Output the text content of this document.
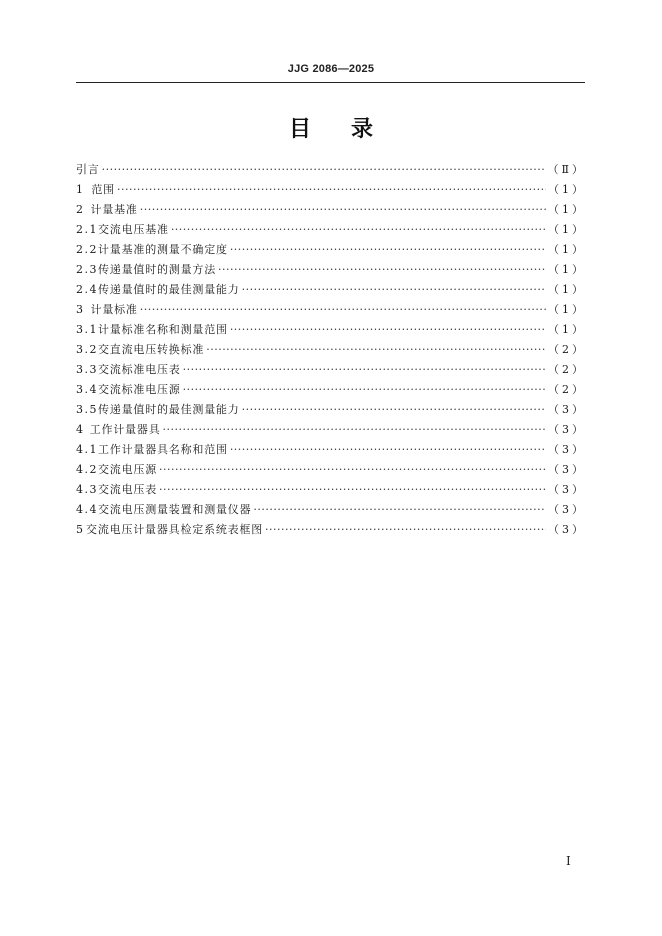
JJG 2086—2025
目录
引言 ·····	（Ⅱ）
1 范围 ·····	（1）
2 计量基准 ·····	（1）
2.1 交流电压基准 ·····	（1）
2.2 计量基准的测量不确定度 ·····	（1）
2.3 传递量值时的测量方法 ·····	（1）
2.4 传递量值时的最佳测量能力 ·····	（1）
3 计量标准 ·····	（1）
3.1 计量标准名称和测量范围 ·····	（1）
3.2 交直流电压转换标准 ·····	（2）
3.3 交流标准电压表 ·····	（2）
3.4 交流标准电压源 ·····	（2）
3.5 传递量值时的最佳测量能力 ·····	（3）
4 工作计量器具 ·····	（3）
4.1 工作计量器具名称和范围 ·····	（3）
4.2 交流电压源 ·····	（3）
4.3 交流电压表 ·····	（3）
4.4 交流电压测量装置和测量仪器 ·····	（3）
5 交流电压计量器具检定系统表框图 ·····	（3）
Ⅰ
